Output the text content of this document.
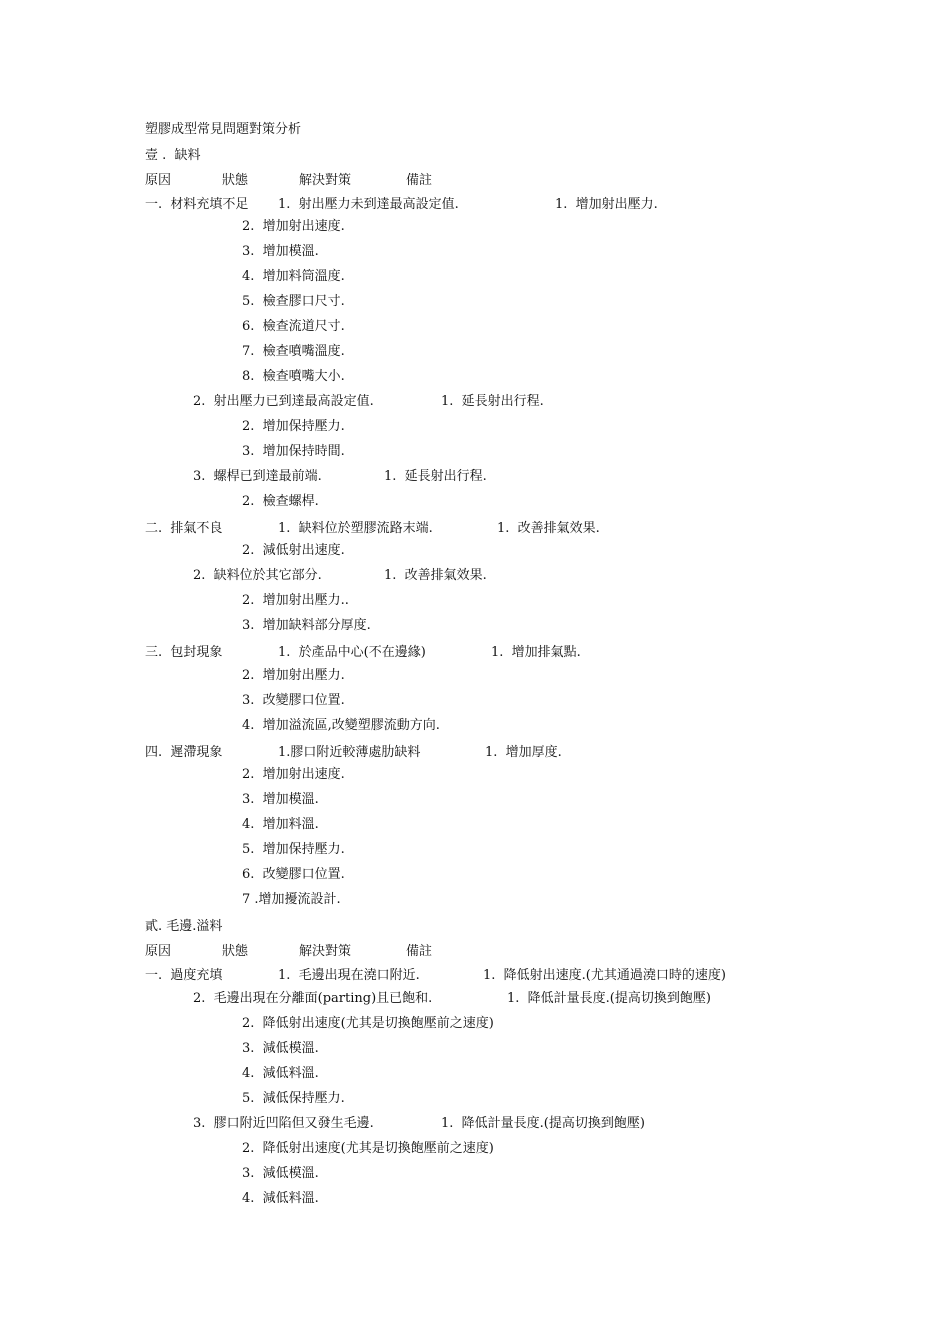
塑膠成型常見問題對策分析
壹 .  缺料
原因	狀態	解決對策	備註
一.  材料充填不足 1.  射出壓力未到達最高設定值.	1.  增加射出壓力.
2.  增加射出速度.
3.  增加模溫.
4.  增加料筒溫度.
5.  檢查膠口尺寸.
6.  檢查流道尺寸.
7.  檢查噴嘴溫度.
8.  檢查噴嘴大小.
2.  射出壓力已到達最高設定值.	1.  延長射出行程.
2.  增加保持壓力.
3.  增加保持時間.
3.  螺桿已到達最前端.	1.  延長射出行程.
2.  檢查螺桿.
二.  排氣不良	1.  缺料位於塑膠流路末端.	1.  改善排氣效果.
2.  減低射出速度.
2.  缺料位於其它部分.	1.  改善排氣效果.
2.  增加射出壓力..
3.  增加缺料部分厚度.
三.  包封現象	1.  於產品中心(不在邊緣)	1.  增加排氣點.
2.  增加射出壓力.
3.  改變膠口位置.
4.  增加溢流區,改變塑膠流動方向.
四.  遲滯現象	1.膠口附近較薄處肋缺料	1.  增加厚度.
2.  增加射出速度.
3.  增加模溫.
4.  增加料溫.
5.  增加保持壓力.
6.  改變膠口位置.
7 .增加擾流設計.
貳. 毛邊.溢料
原因	狀態	解決對策	備註
一.  過度充填	1.  毛邊出現在澆口附近.	1.  降低射出速度.(尤其通過澆口時的速度)
2.  毛邊出現在分離面(parting)且已飽和.	1.  降低計量長度.(提高切換到飽壓)
2.  降低射出速度(尤其是切換飽壓前之速度)
3.  減低模溫.
4.  減低料溫.
5.  減低保持壓力.
3.  膠口附近凹陷但又發生毛邊.	1.  降低計量長度.(提高切換到飽壓)
2.  降低射出速度(尤其是切換飽壓前之速度)
3.  減低模溫.
4.  減低料溫.
